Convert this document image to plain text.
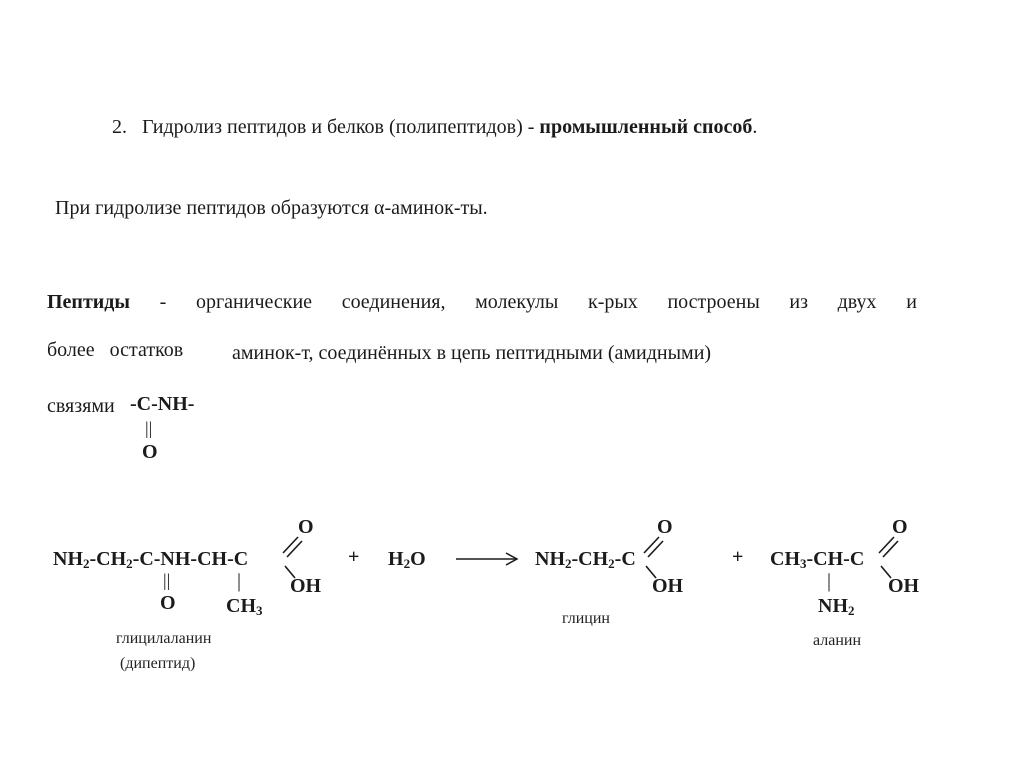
2. Гидролиз пептидов и белков (полипептидов) - промышленный способ.
При гидролизе пептидов образуются α-аминок-ты.
Пептиды - органические соединения, молекулы к-рых построены из двух и
более   остатков аминок-т, соединённых в цепь пептидными (амидными)
связями -C-NH-
||
O
$NH_2-CH_2-C-NH-CH-C$
||
O
|
$CH_3$
O
OH
+ $H_2O$	$NH_2-CH_2-C$
O
OH
+ $CH_3-CH-C$
|
$NH_2$
O
OH
глицилаланин
(дипептид)
глицин
аланин
